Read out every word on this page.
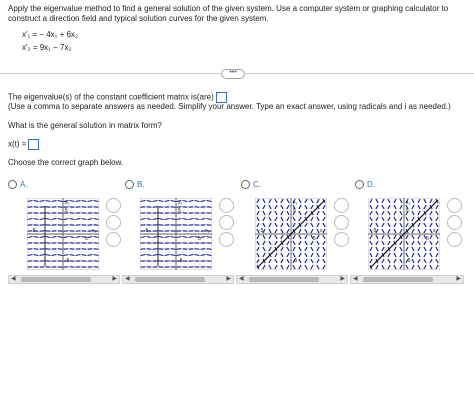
Apply the eigenvalue method to find a general solution of the given system. Use a computer system or graphing calculator to construct a direction field and typical solution curves for the given system.
x′₁ = − 4x₁ + 6x₂
x′₂ = 9x₁ − 7x₂
•••
The eigenvalue(s) of the constant coefficient matrix is(are)
(Use a comma to separate answers as needed. Simplify your answer. Type an exact answer, using radicals and i as needed.)
What is the general solution in matrix form?
x(t) =
Choose the correct graph below.
A.	B.	C.	D.
x₂
x₁
5
-5
-5
5
x₂
x₁
5
-5
-5
5
x₂
x₁
5
-5
-5
5
x₂
x₁
5
-5
-5
5
◀	▶ ◀	▶ ◀	▶ ◀	▶
